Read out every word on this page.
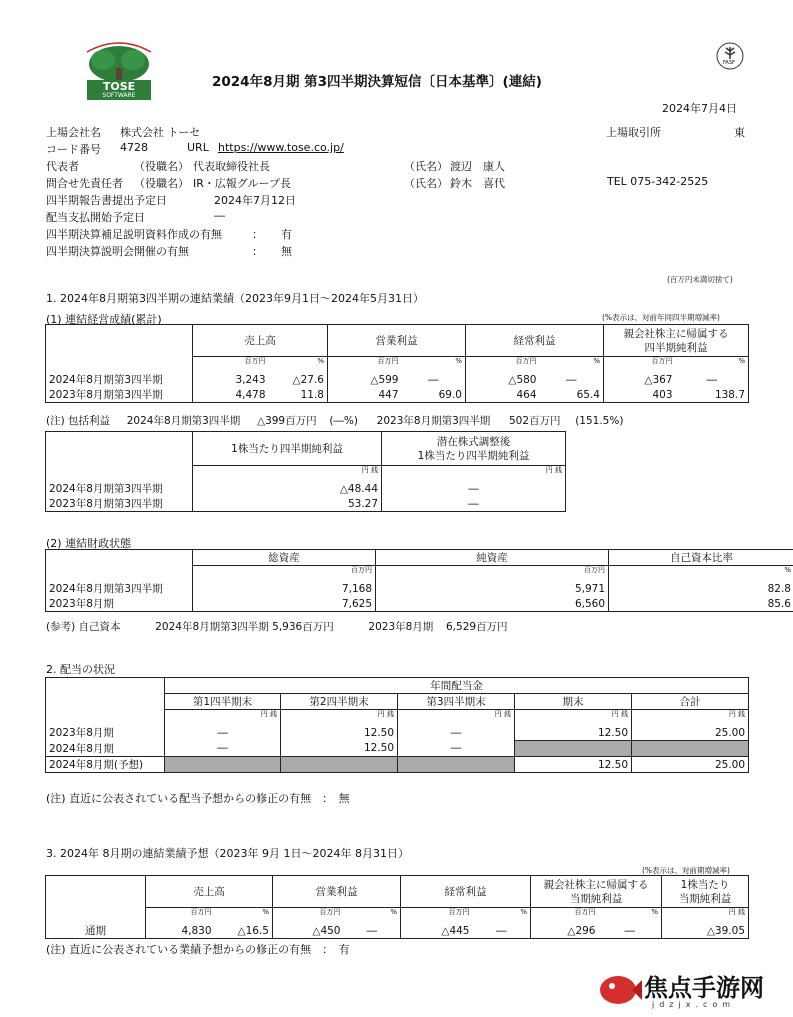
TOSE
SOFTWARE
2024年8月期 第3四半期決算短信〔日本基準〕(連結)
FASF
2024年7月4日
上場会社名 株式会社 トーセ	上場取引所	東
コード番号 4728	URL https://www.tose.co.jp/
代表者	（役職名） 代表取締役社長	（氏名） 渡辺　康人
問合せ先責任者 （役職名） IR・広報グループ長	（氏名） 鈴木　喜代	TEL 075-342-2525
四半期報告書提出予定日	2024年7月12日
配当支払開始予定日	―
四半期決算補足説明資料作成の有無	： 有
四半期決算説明会開催の有無	： 無
(百万円未満切捨て)
1. 2024年8月期第3四半期の連結業績（2023年9月1日～2024年5月31日）
(1) 連結経営成績(累計)	(%表示は、対前年同四半期増減率)
	売上高		営業利益		経常利益		親会社株主に帰属する
四半期純利益	
	百万円	%	百万円	%	百万円	%	百万円	%
2024年8月期第3四半期	3,243	△27.6	△599	―	△580	―	△367	―
2023年8月期第3四半期	4,478	11.8	447	69.0	464	65.4	403	138.7
(注) 包括利益 2024年8月期第3四半期 △399百万円 (―%) 2023年8月期第3四半期 502百万円 (151.5%)
	1株当たり四半期純利益	潜在株式調整後
1株当たり四半期純利益
	円 銭	円 銭
2024年8月期第3四半期	△48.44	―
2023年8月期第3四半期	53.27	―
(2) 連結財政状態
	総資産	純資産	自己資本比率
	百万円	百万円	%
2024年8月期第3四半期	7,168	5,971	82.8
2023年8月期	7,625	6,560	85.6
(参考) 自己資本	2024年8月期第3四半期 5,936百万円	2023年8月期 6,529百万円
2. 配当の状況
	年間配当金				
	第1四半期末	第2四半期末	第3四半期末	期末	合計
	円 銭	円 銭	円 銭	円 銭	円 銭
2023年8月期	―	12.50	―	12.50	25.00
2024年8月期	―	12.50	―		
2024年8月期(予想)				12.50	25.00
(注) 直近に公表されている配当予想からの修正の有無　：　無
3. 2024年 8月期の連結業績予想（2023年 9月 1日～2024年 8月31日）
(%表示は、対前期増減率)
	売上高		営業利益		経常利益		親会社株主に帰属する
当期純利益		1株当たり
当期純利益
	百万円	%	百万円	%	百万円	%	百万円	%	円 銭
通期	4,830	△16.5	△450	―	△445	―	△296	―	△39.05
(注) 直近に公表されている業績予想からの修正の有無　：　有
焦点手游网
jdzjx.com
